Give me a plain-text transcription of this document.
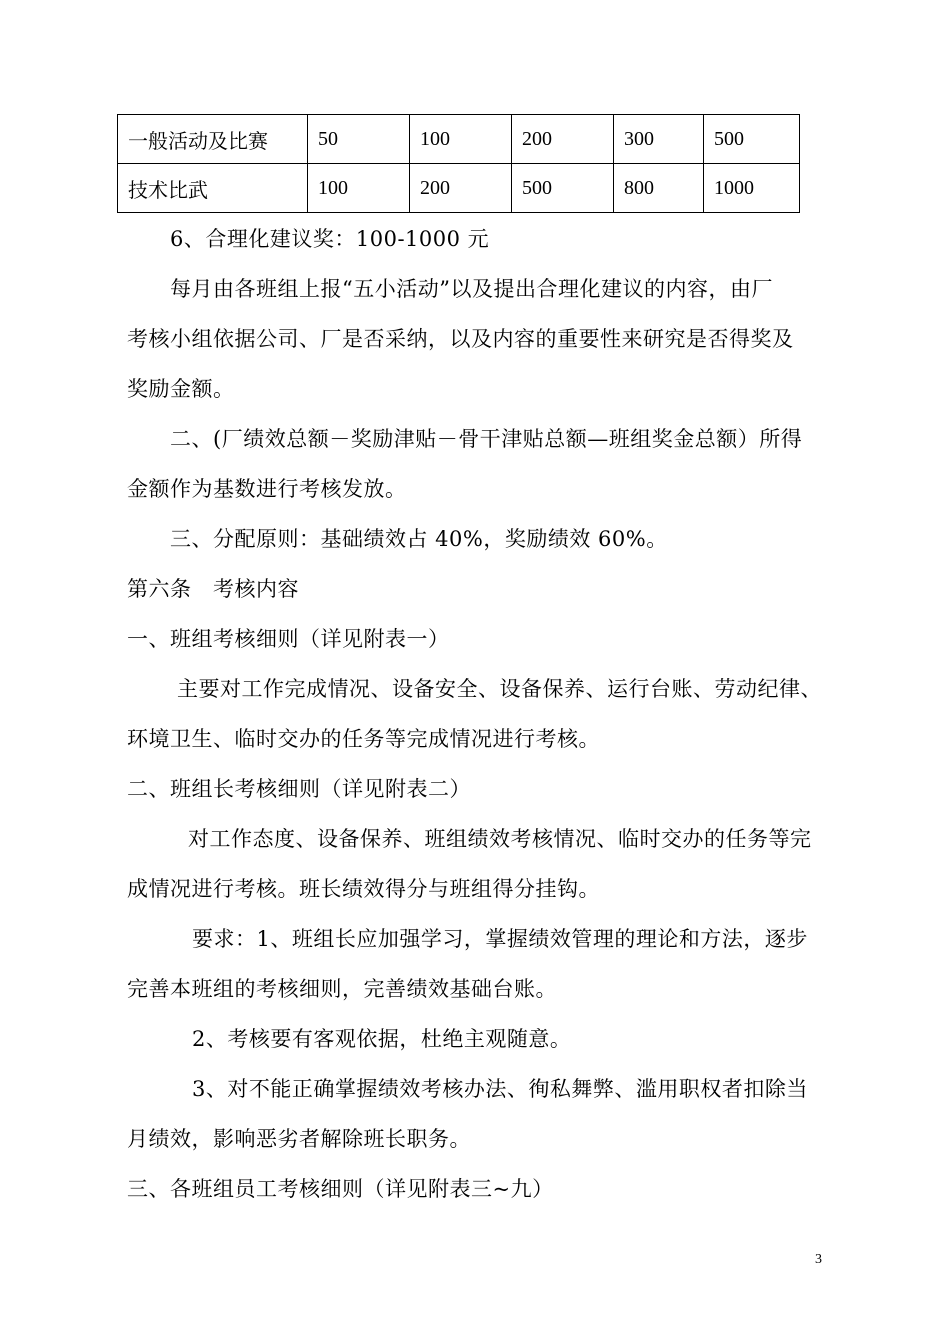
一般活动及比赛	50	100	200	300	500
技术比武	100	200	500	800	1000
6、合理化建议奖：100-1000 元
每月由各班组上报“五小活动”以及提出合理化建议的内容，由厂
考核小组依据公司、厂是否采纳，以及内容的重要性来研究是否得奖及
奖励金额。
二、(厂绩效总额－奖励津贴－骨干津贴总额—班组奖金总额）所得
金额作为基数进行考核发放。
三、分配原则：基础绩效占 40%，奖励绩效 60%。
第六条　考核内容
一、班组考核细则（详见附表一）
主要对工作完成情况、设备安全、设备保养、运行台账、劳动纪律、
环境卫生、临时交办的任务等完成情况进行考核。
二、班组长考核细则（详见附表二）
对工作态度、设备保养、班组绩效考核情况、临时交办的任务等完
成情况进行考核。班长绩效得分与班组得分挂钩。
要求：1、班组长应加强学习，掌握绩效管理的理论和方法，逐步
完善本班组的考核细则，完善绩效基础台账。
2、考核要有客观依据，杜绝主观随意。
3、对不能正确掌握绩效考核办法、徇私舞弊、滥用职权者扣除当
月绩效，影响恶劣者解除班长职务。
三、各班组员工考核细则（详见附表三~九）
3
